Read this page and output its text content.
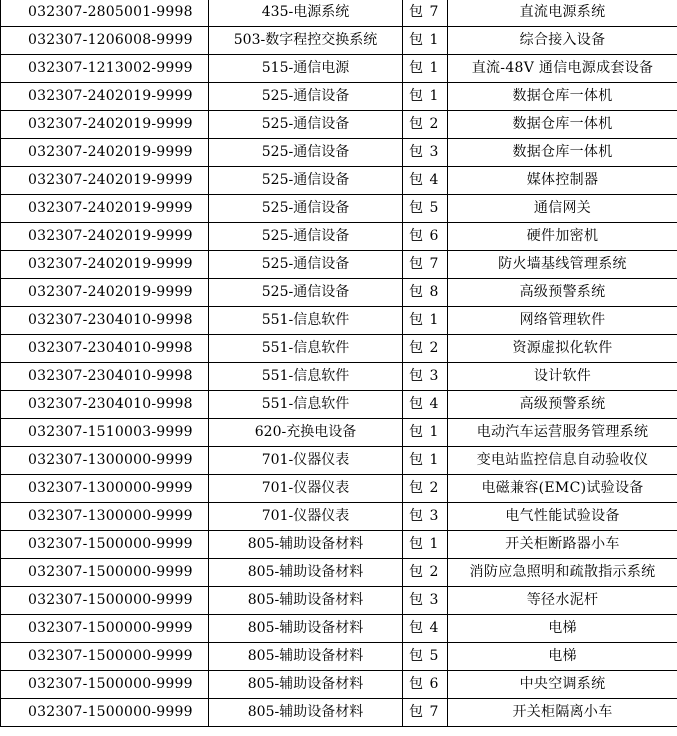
032307-2805001-9998	435-电源系统	包 7	直流电源系统
032307-1206008-9999	503-数字程控交换系统	包 1	综合接入设备
032307-1213002-9999	515-通信电源	包 1	直流-48V 通信电源成套设备
032307-2402019-9999	525-通信设备	包 1	数据仓库一体机
032307-2402019-9999	525-通信设备	包 2	数据仓库一体机
032307-2402019-9999	525-通信设备	包 3	数据仓库一体机
032307-2402019-9999	525-通信设备	包 4	媒体控制器
032307-2402019-9999	525-通信设备	包 5	通信网关
032307-2402019-9999	525-通信设备	包 6	硬件加密机
032307-2402019-9999	525-通信设备	包 7	防火墙基线管理系统
032307-2402019-9999	525-通信设备	包 8	高级预警系统
032307-2304010-9998	551-信息软件	包 1	网络管理软件
032307-2304010-9998	551-信息软件	包 2	资源虚拟化软件
032307-2304010-9998	551-信息软件	包 3	设计软件
032307-2304010-9998	551-信息软件	包 4	高级预警系统
032307-1510003-9999	620-充换电设备	包 1	电动汽车运营服务管理系统
032307-1300000-9999	701-仪器仪表	包 1	变电站监控信息自动验收仪
032307-1300000-9999	701-仪器仪表	包 2	电磁兼容(EMC)试验设备
032307-1300000-9999	701-仪器仪表	包 3	电气性能试验设备
032307-1500000-9999	805-辅助设备材料	包 1	开关柜断路器小车
032307-1500000-9999	805-辅助设备材料	包 2	消防应急照明和疏散指示系统
032307-1500000-9999	805-辅助设备材料	包 3	等径水泥杆
032307-1500000-9999	805-辅助设备材料	包 4	电梯
032307-1500000-9999	805-辅助设备材料	包 5	电梯
032307-1500000-9999	805-辅助设备材料	包 6	中央空调系统
032307-1500000-9999	805-辅助设备材料	包 7	开关柜隔离小车
